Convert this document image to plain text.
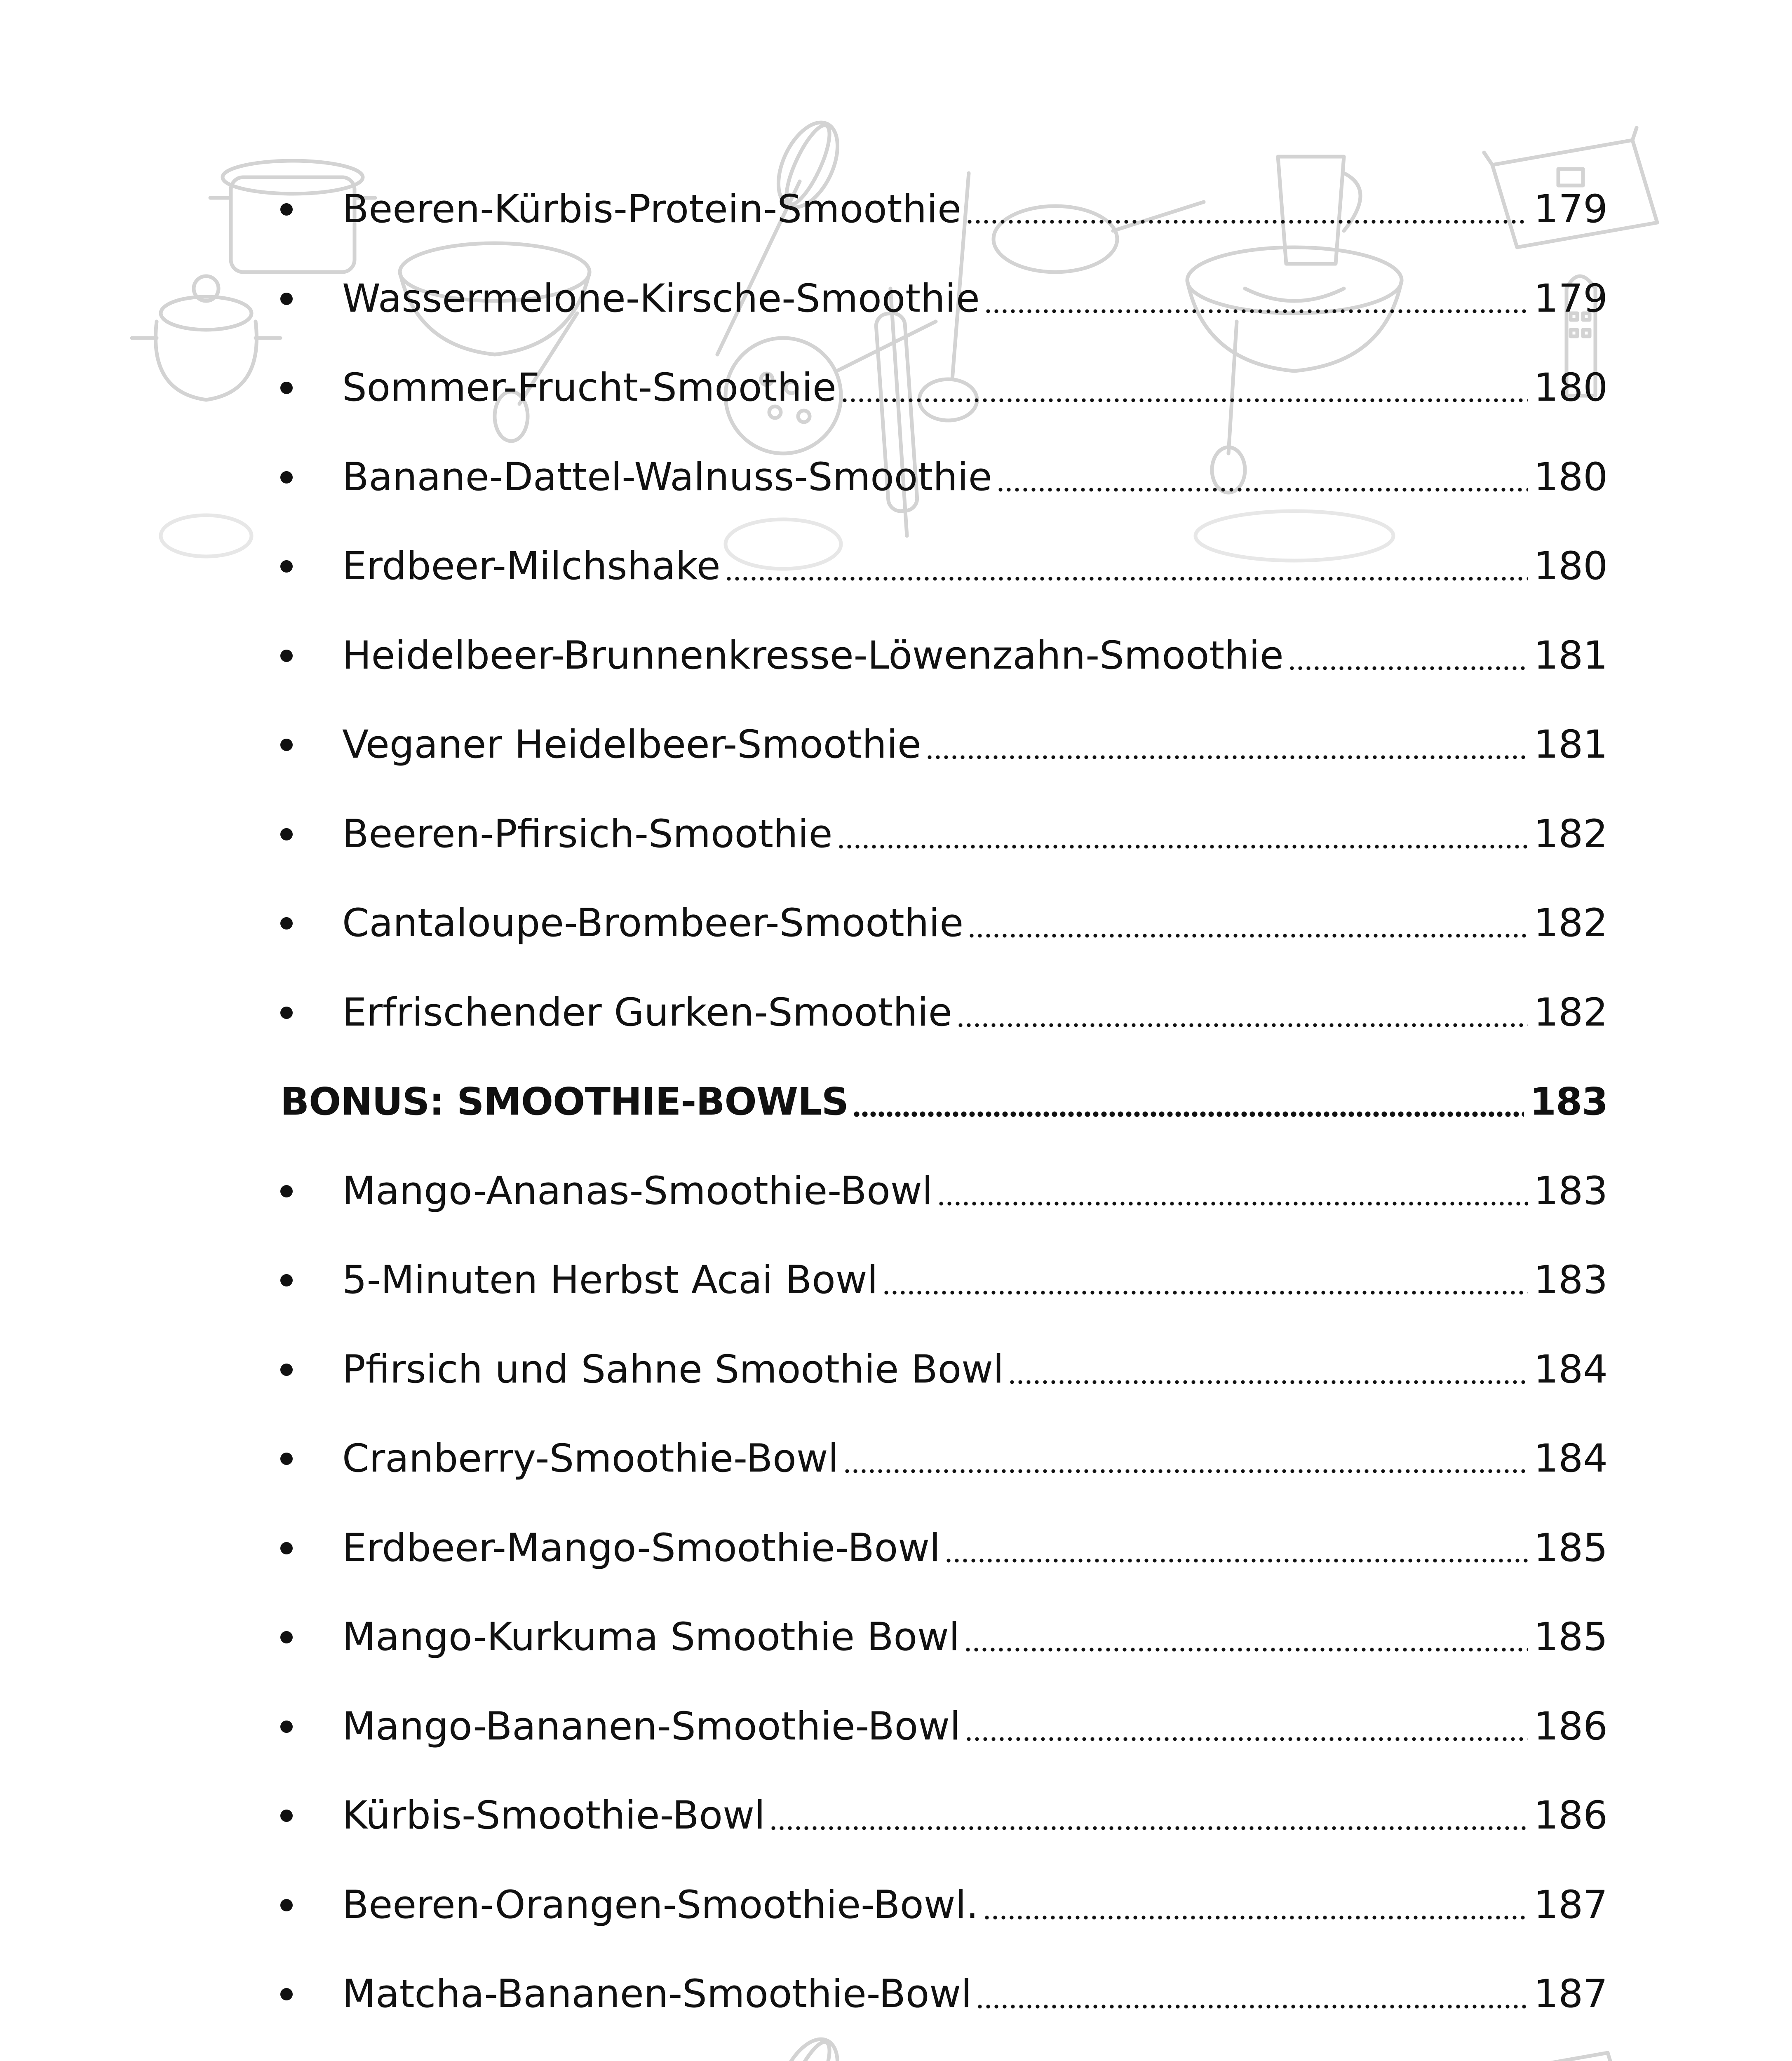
Beeren-Kürbis-Protein-Smoothie	179
Wassermelone-Kirsche-Smoothie	179
Sommer-Frucht-Smoothie	180
Banane-Dattel-Walnuss-Smoothie	180
Erdbeer-Milchshake	180
Heidelbeer-Brunnenkresse-Löwenzahn-Smoothie	181
Veganer Heidelbeer-Smoothie	181
Beeren-Pfirsich-Smoothie	182
Cantaloupe-Brombeer-Smoothie	182
Erfrischender Gurken-Smoothie	182
BONUS: SMOOTHIE-BOWLS	183
Mango-Ananas-Smoothie-Bowl	183
5-Minuten Herbst Acai Bowl	183
Pfirsich und Sahne Smoothie Bowl	184
Cranberry-Smoothie-Bowl	184
Erdbeer-Mango-Smoothie-Bowl	185
Mango-Kurkuma Smoothie Bowl	185
Mango-Bananen-Smoothie-Bowl	186
Kürbis-Smoothie-Bowl	186
Beeren-Orangen-Smoothie-Bowl.	187
Matcha-Bananen-Smoothie-Bowl	187
